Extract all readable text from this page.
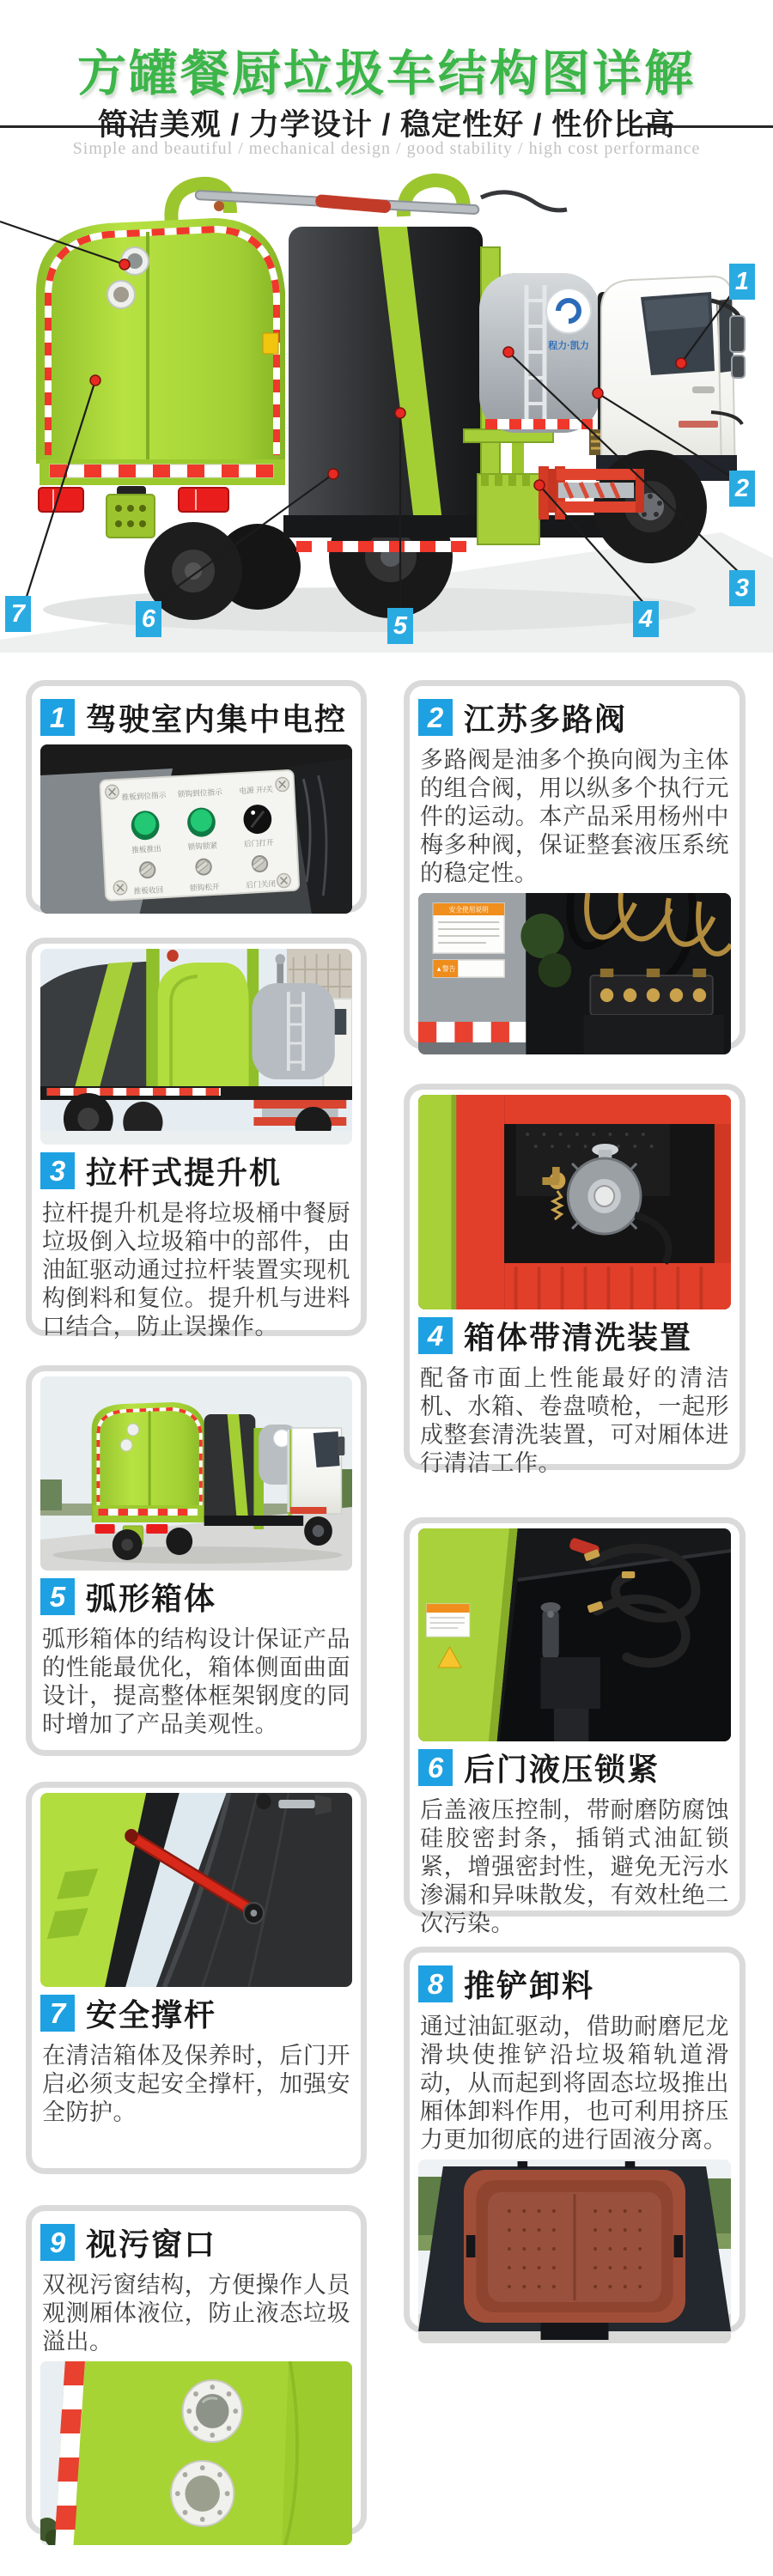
方罐餐厨垃圾车结构图详解
简洁美观 / 力学设计 / 稳定性好 / 性价比高
Simple and beautiful / mechanical design / good stability / high cost performance
程力·凯力
1
2
3
4
5
6
7
1 驾驶室内集中电控
推板到位指示 锁钩到位指示 电源 开/关
推板推出	锁钩锁紧	后门打开
推板收回	锁钩松开	后门关闭
2 江苏多路阀
多路阀是油多个换向阀为主体的组合阀，用以纵多个执行元件的运动。本产品采用杨州中梅多种阀，保证整套液压系统的稳定性。
安全使用说明
▲警告
3 拉杆式提升机
拉杆提升机是将垃圾桶中餐厨垃圾倒入垃圾箱中的部件，由油缸驱动通过拉杆装置实现机构倒料和复位。提升机与进料口结合，防止误操作。	4 箱体带清洗装置
配备市面上性能最好的清洁机、水箱、卷盘喷枪，一起形成整套清洗装置，可对厢体进行清洁工作。
5 弧形箱体
弧形箱体的结构设计保证产品的性能最优化，箱体侧面曲面设计，提高整体框架钢度的同时增加了产品美观性。
6 后门液压锁紧
后盖液压控制，带耐磨防腐蚀硅胶密封条，插销式油缸锁紧，增强密封性，避免无污水渗漏和异味散发，有效杜绝二次污染。
7 安全撑杆
在清洁箱体及保养时，后门开启必须支起安全撑杆，加强安全防护。
8 推铲卸料
通过油缸驱动，借助耐磨尼龙滑块使推铲沿垃圾箱轨道滑动，从而起到将固态垃圾推出厢体卸料作用，也可利用挤压力更加彻底的进行固液分离。
9 视污窗口
双视污窗结构，方便操作人员观测厢体液位，防止液态垃圾溢出。
